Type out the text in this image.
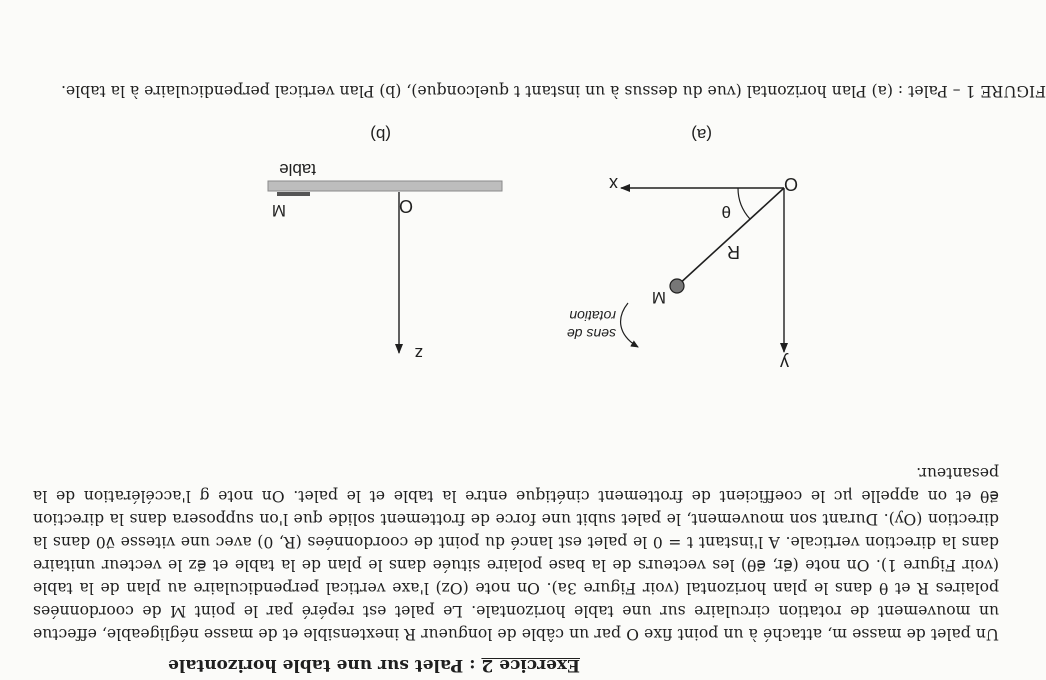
Exercice 2 : Palet sur une table horizontale

Un palet de masse m, attaché à un point fixe O par un câble de longueur R inextensible et de masse négligeable, effectue un mouvement de rotation circulaire sur une table horizontale. Le palet est repéré par le point M de coordonnées polaires R et θ dans le plan horizontal (voir Figure 3a). On note (Oz) l'axe vertical perpendiculaire au plan de la table (voir Figure 1). On note (e⃗r, e⃗θ) les vecteurs de la base polaire située dans le plan de la table et e⃗z le vecteur unitaire dans la direction verticale. A l'instant t = 0 le palet est lancé du point de coordonnées (R, 0) avec une vitesse v⃗0 dans la direction (Oy). Durant son mouvement, le palet subit une force de frottement solide que l'on supposera dans la direction e⃗θ et on appelle μc le coefficient de frottement cinétique entre la table et le palet. On note g l'accélération de la pesanteur.

O
x
y
R
θ
M
sens de
rotation
(a)
O
z
table
M
(b)

FIGURE 1 – Palet : (a) Plan horizontal (vue du dessus à un instant t quelconque), (b) Plan vertical perpendiculaire à la table.
